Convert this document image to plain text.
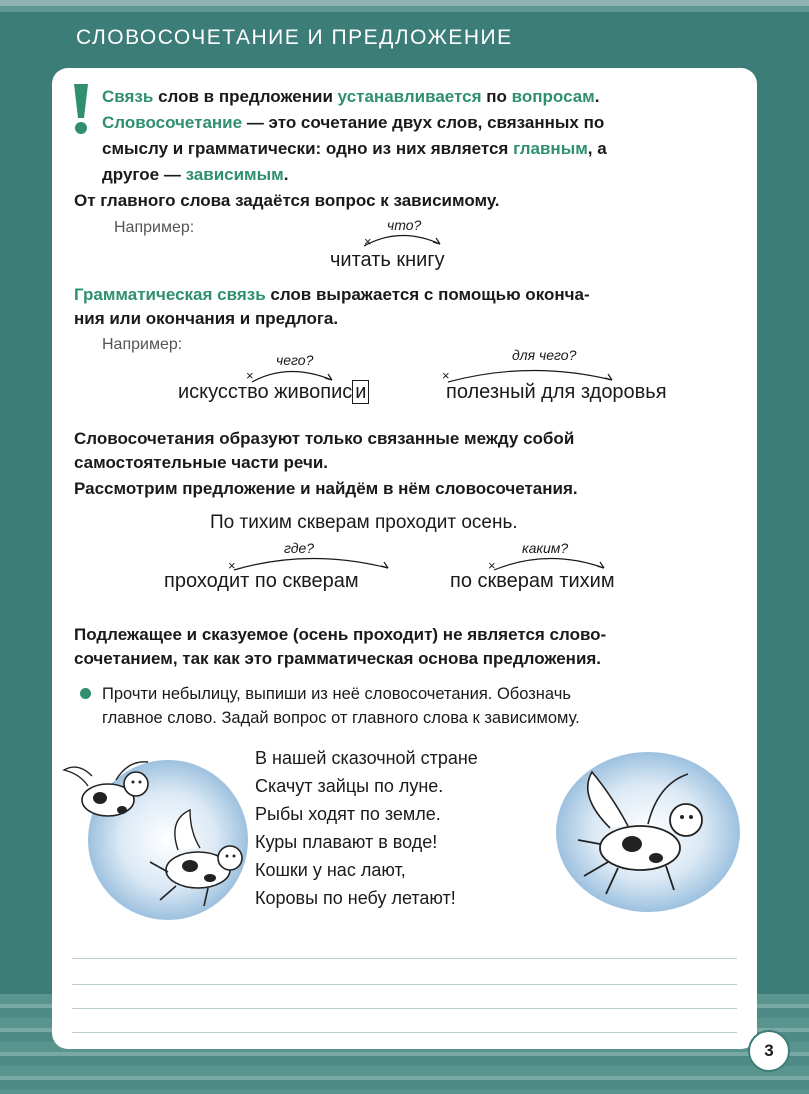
СЛОВОСОЧЕТАНИЕ И ПРЕДЛОЖЕНИЕ
Связь слов в предложении устанавливается по вопросам.
Словосочетание — это сочетание двух слов, связанных по
смыслу и грамматически: одно из них является главным, а
другое — зависимым.
От главного слова задаётся вопрос к зависимому.
Например:
×
что?
читать книгу
Грамматическая связь слов выражается с помощью оконча-
ния или окончания и предлога.
Например:
×
чего?
искусство живопис и
×
для чего?
полезный для здоровья
Словосочетания образуют только связанные между собой
самостоятельные части речи.
Рассмотрим предложение и найдём в нём словосочетания.
По тихим скверам проходит осень.
×
где?
проходит по скверам
×
каким?
по скверам тихим
Подлежащее и сказуемое (осень проходит) не является слово-
сочетанием, так как это грамматическая основа предложения.
Прочти небылицу, выпиши из неё словосочетания. Обозначь
главное слово. Задай вопрос от главного слова к зависимому.
В нашей сказочной стране
Скачут зайцы по луне.
Рыбы ходят по земле.
Куры плавают в воде!
Кошки у нас лают,
Коровы по небу летают!
3
